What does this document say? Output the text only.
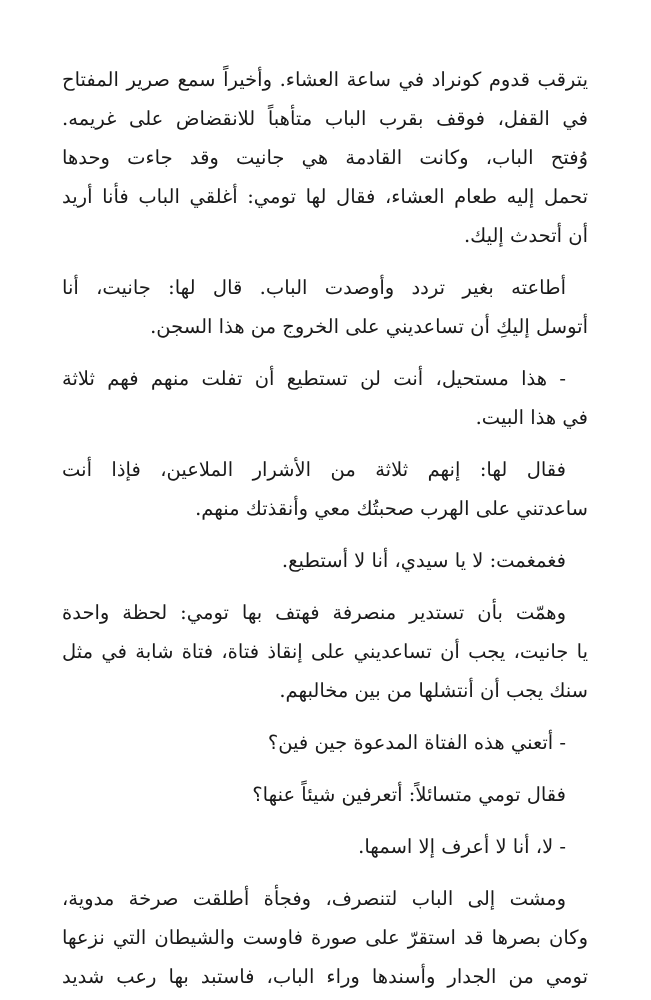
يترقب قدوم كونراد في ساعة العشاء. وأخيراً سمع صرير المفتاح
في القفل، فوقف بقرب الباب متأهباً للانقضاض على غريمه.
وُفتح الباب، وكانت القادمة هي جانيت وقد جاءت وحدها
تحمل إليه طعام العشاء، فقال لها تومي: أغلقي الباب فأنا أريد
أن أتحدث إليك.

أطاعته بغير تردد وأوصدت الباب. قال لها: جانيت، أنا
أتوسل إليكِ أن تساعديني على الخروج من هذا السجن.

- هذا مستحيل، أنت لن تستطيع أن تفلت منهم فهم ثلاثة
في هذا البيت.

فقال لها: إنهم ثلاثة من الأشرار الملاعين، فإذا أنت
ساعدتني على الهرب صحبتُك معي وأنقذتك منهم.

فغمغمت: لا يا سيدي، أنا لا أستطيع.

وهمّت بأن تستدير منصرفة فهتف بها تومي: لحظة واحدة
يا جانيت، يجب أن تساعديني على إنقاذ فتاة، فتاة شابة في مثل
سنك يجب أن أنتشلها من بين مخالبهم.

- أتعني هذه الفتاة المدعوة جين فين؟

فقال تومي متسائلاً: أتعرفين شيئاً عنها؟

- لا، أنا لا أعرف إلا اسمها.

ومشت إلى الباب لتنصرف، وفجأة أطلقت صرخة مدوية،
وكان بصرها قد استقرّ على صورة فاوست والشيطان التي نزعها
تومي من الجدار وأسندها وراء الباب، فاستبد بها رعب شديد
